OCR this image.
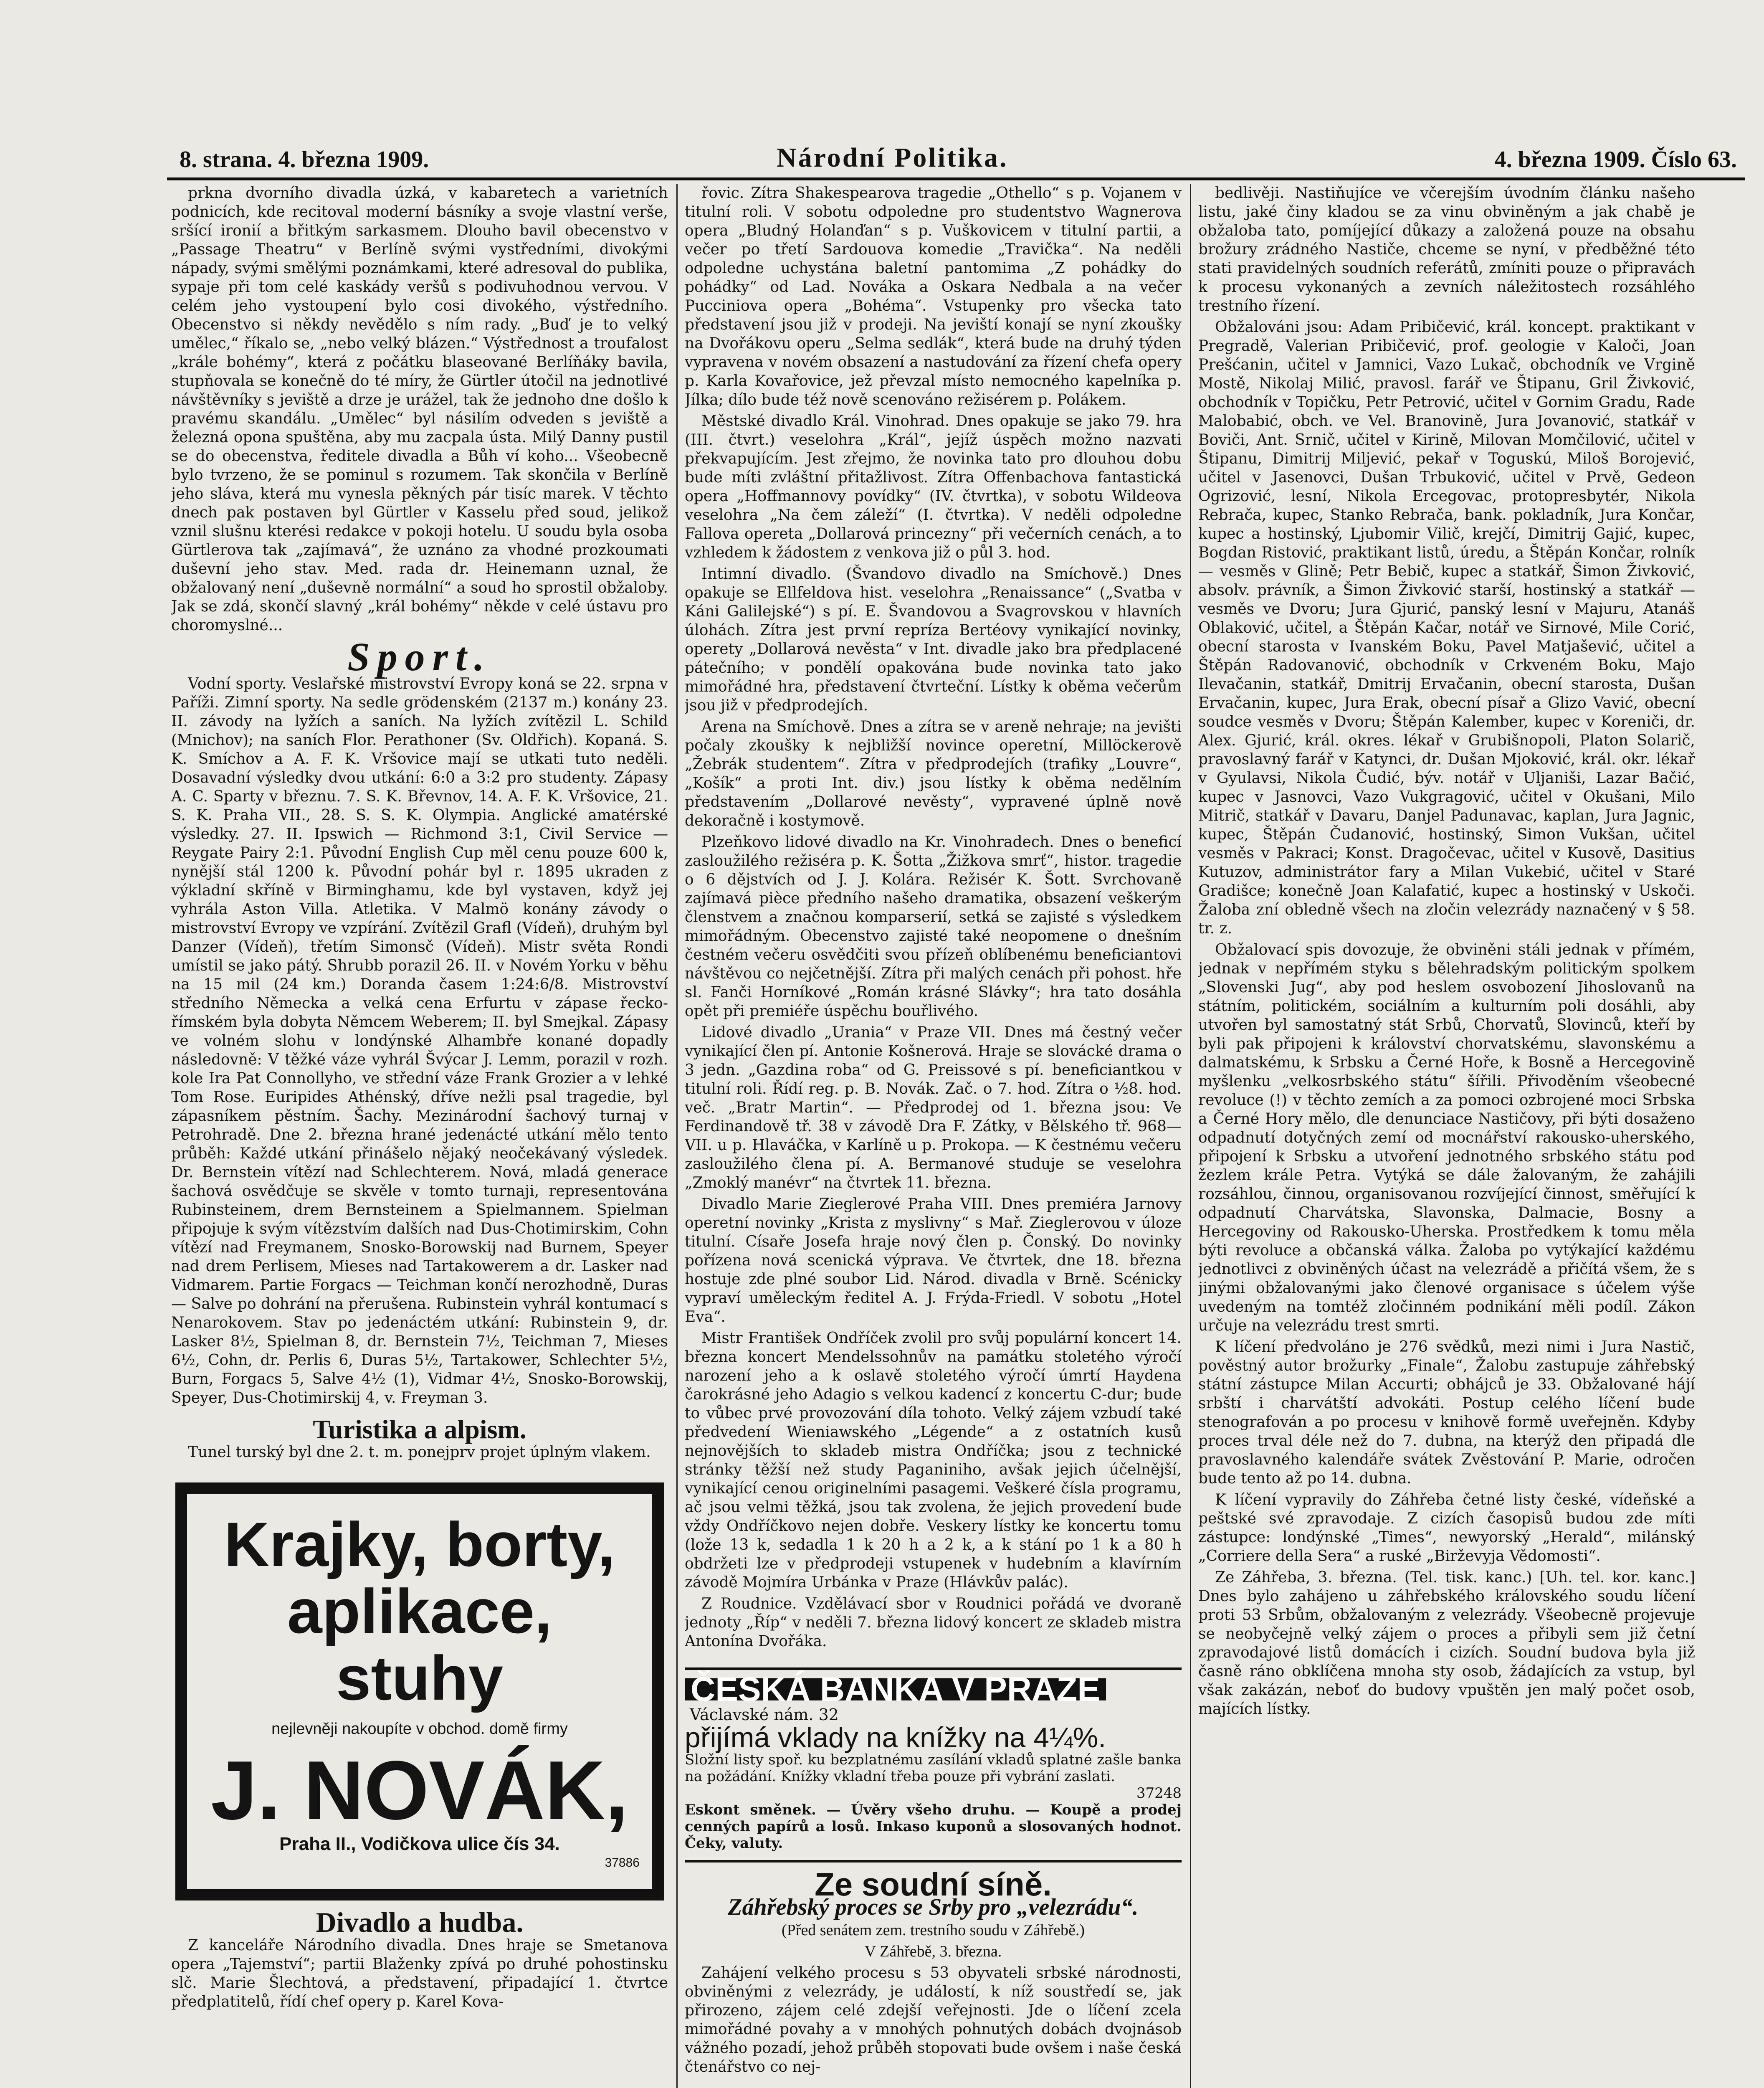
8. strana. 4. března 1909.	Národní Politika.	4. března 1909. Číslo 63.

prkna dvorního divadla úzká, v kabaretech a varietních podnicích, kde recitoval moderní básníky a svoje vlastní verše, sršící ironií a břitkým sarkasmem. Dlouho bavil obecenstvo v „Passage Theatru“ v Berlíně svými vystředními, divokými nápady, svými smělými poznámkami, které adresoval do publika, sypaje při tom celé kaskády veršů s podivuhodnou vervou. V celém jeho vystoupení bylo cosi divokého, výstředního. Obecenstvo si někdy nevědělo s ním rady. „Buď je to velký umělec,“ říkalo se, „nebo velký blázen.“ Výstřednost a troufalost „krále bohémy“, která z počátku blaseované Berlíňáky bavila, stupňovala se konečně do té míry, že Gürtler útočil na jednotlivé návštěvníky s jeviště a drze je urážel, tak že jednoho dne došlo k pravému skandálu. „Umělec“ byl násilím odveden s jeviště a železná opona spuštěna, aby mu zacpala ústa. Milý Danny pustil se do obecenstva, ředitele divadla a Bůh ví koho... Všeobecně bylo tvrzeno, že se pominul s rozumem. Tak skončila v Berlíně jeho sláva, která mu vynesla pěkných pár tisíc marek. V těchto dnech pak postaven byl Gürtler v Kasselu před soud, jelikož vznil slušnu kterési redakce v pokoji hotelu. U soudu byla osoba Gürtlerova tak „zajímavá“, že uznáno za vhodné prozkoumati duševní jeho stav. Med. rada dr. Heinemann uznal, že obžalovaný není „duševně normální“ a soud ho sprostil obžaloby. Jak se zdá, skončí slavný „král bohémy“ někde v celé ústavu pro choromyslné...

Sport.

Vodní sporty. Veslařské mistrovství Evropy koná se 22. srpna v Paříži. Zimní sporty. Na sedle grödenském (2137 m.) konány 23. II. závody na lyžích a saních. Na lyžích zvítězil L. Schild (Mnichov); na saních Flor. Perathoner (Sv. Oldřich). Kopaná. S. K. Smíchov a A. F. K. Vršovice mají se utkati tuto neděli. Dosavadní výsledky dvou utkání: 6:0 a 3:2 pro studenty. Zápasy A. C. Sparty v březnu. 7. S. K. Břevnov, 14. A. F. K. Vršovice, 21. S. K. Praha VII., 28. S. S. K. Olympia. Anglické amatérské výsledky. 27. II. Ipswich — Richmond 3:1, Civil Service — Reygate Pairy 2:1. Původní English Cup měl cenu pouze 600 k, nynější stál 1200 k. Původní pohár byl r. 1895 ukraden z výkladní skříně v Birminghamu, kde byl vystaven, když jej vyhrála Aston Villa. Atletika. V Malmö konány závody o mistrovství Evropy ve vzpírání. Zvítězil Grafl (Vídeň), druhým byl Danzer (Vídeň), třetím Simonsč (Vídeň). Mistr světa Rondi umístil se jako pátý. Shrubb porazil 26. II. v Novém Yorku v běhu na 15 mil (24 km.) Doranda časem 1:24:6/8. Mistrovství středního Německa a velká cena Erfurtu v zápase řecko-římském byla dobyta Němcem Weberem; II. byl Smejkal. Zápasy ve volném slohu v londýnské Alhambře konané dopadly následovně: V těžké váze vyhrál Švýcar J. Lemm, porazil v rozh. kole Ira Pat Connollyho, ve střední váze Frank Grozier a v lehké Tom Rose. Euripides Athénský, dříve nežli psal tragedie, byl zápasníkem pěstním. Šachy. Mezinárodní šachový turnaj v Petrohradě. Dne 2. března hrané jedenácté utkání mělo tento průběh: Každé utkání přinášelo nějaký neočekávaný výsledek. Dr. Bernstein vítězí nad Schlechterem. Nová, mladá generace šachová osvědčuje se skvěle v tomto turnaji, representována Rubinsteinem, drem Bernsteinem a Spielmannem. Spielman připojuje k svým vítězstvím dalších nad Dus-Chotimirskim, Cohn vítězí nad Freymanem, Snosko-Borowskij nad Burnem, Speyer nad drem Perlisem, Mieses nad Tartakowerem a dr. Lasker nad Vidmarem. Partie Forgacs — Teichman končí nerozhodně, Duras — Salve po dohrání na přerušena. Rubinstein vyhrál kontumací s Nenarokovem. Stav po jedenáctém utkání: Rubinstein 9, dr. Lasker 8½, Spielman 8, dr. Bernstein 7½, Teichman 7, Mieses 6½, Cohn, dr. Perlis 6, Duras 5½, Tartakower, Schlechter 5½, Burn, Forgacs 5, Salve 4½ (1), Vidmar 4½, Snosko-Borowskij, Speyer, Dus-Chotimirskij 4, v. Freyman 3.

Turistika a alpism.

Tunel turský byl dne 2. t. m. ponejprv projet úplným vlakem.

Krajky, borty, aplikace, stuhy
nejlevněji nakoupíte v obchod. domě firmy
J. NOVÁK,
Praha II., Vodičkova ulice čís 34.
37886
Divadlo a hudba.

Z kanceláře Národního divadla. Dnes hraje se Smetanova opera „Tajemství“; partii Blaženky zpívá po druhé pohostinsku slč. Marie Šlechtová, a představení, připadající 1. čtvrtce předplatitelů, řídí chef opery p. Karel Kova-

řovic. Zítra Shakespearova tragedie „Othello“ s p. Vojanem v titulní roli. V sobotu odpoledne pro studentstvo Wagnerova opera „Bludný Holanďan“ s p. Vuškovicem v titulní partii, a večer po třetí Sardouova komedie „Travička“. Na neděli odpoledne uchystána baletní pantomima „Z pohádky do pohádky“ od Lad. Nováka a Oskara Nedbala a na večer Pucciniova opera „Bohéma“. Vstupenky pro všecka tato představení jsou již v prodeji. Na jeviští konají se nyní zkoušky na Dvořákovu operu „Selma sedlák“, která bude na druhý týden vypravena v novém obsazení a nastudování za řízení chefa opery p. Karla Kovařovice, jež převzal místo nemocného kapelníka p. Jílka; dílo bude též nově scenováno režisérem p. Polákem.

Městské divadlo Král. Vinohrad. Dnes opakuje se jako 79. hra (III. čtvrt.) veselohra „Král“, jejíž úspěch možno nazvati překvapujícím. Jest zřejmo, že novinka tato pro dlouhou dobu bude míti zvláštní přitažlivost. Zítra Offenbachova fantastická opera „Hoffmannovy povídky“ (IV. čtvrtka), v sobotu Wildeova veselohra „Na čem záleží“ (I. čtvrtka). V neděli odpoledne Fallova opereta „Dollarová princezny“ při večerních cenách, a to vzhledem k žádostem z venkova již o půl 3. hod.

Intimní divadlo. (Švandovo divadlo na Smíchově.) Dnes opakuje se Ellfeldova hist. veselohra „Renaissance“ („Svatba v Káni Galilejské“) s pí. E. Švandovou a Svagrovskou v hlavních úlohách. Zítra jest první repríza Bertéovy vynikající novinky, operety „Dollarová nevěsta“ v Int. divadle jako bra předplacené pátečního; v pondělí opakována bude novinka tato jako mimořádné hra, představení čtvrteční. Lístky k oběma večerům jsou již v předprodejích.

Arena na Smíchově. Dnes a zítra se v areně nehraje; na jevišti počaly zkoušky k nejbližší novince operetní, Millöckerově „Žebrák studentem“. Zítra v předprodejích (trafiky „Louvre“, „Košík“ a proti Int. div.) jsou lístky k oběma nedělním představením „Dollarové nevěsty“, vypravené úplně nově dekoračně i kostymově.

Plzeňkovo lidové divadlo na Kr. Vinohradech. Dnes o beneficí zasloužilého režiséra p. K. Šotta „Žižkova smrť“, histor. tragedie o 6 dějstvích od J. J. Kolára. Režisér K. Šott. Svrchovaně zajímavá pièce předního našeho dramatika, obsazení veškerým členstvem a značnou komparserií, setká se zajisté s výsledkem mimořádným. Obecenstvo zajisté také neopomene o dnešním čestném večeru osvědčiti svou přízeň oblíbenému beneficiantovi návštěvou co nejčetnější. Zítra při malých cenách při pohost. hře sl. Fanči Horníkové „Román krásné Slávky“; hra tato dosáhla opět při premiéře úspěchu bouřlivého.

Lidové divadlo „Urania“ v Praze VII. Dnes má čestný večer vynikající člen pí. Antonie Košnerová. Hraje se slovácké drama o 3 jedn. „Gazdina roba“ od G. Preissové s pí. beneficiantkou v titulní roli. Řídí reg. p. B. Novák. Zač. o 7. hod. Zítra o ½8. hod. več. „Bratr Martin“. — Předprodej od 1. března jsou: Ve Ferdinandově tř. 38 v závodě Dra F. Zátky, v Bělského tř. 968—VII. u p. Hlaváčka, v Karlíně u p. Prokopa. — K čestnému večeru zasloužilého člena pí. A. Bermanové studuje se veselohra „Zmoklý manévr“ na čtvrtek 11. března.

Divadlo Marie Zieglerové Praha VIII. Dnes premiéra Jarnovy operetní novinky „Krista z myslivny“ s Mař. Zieglerovou v úloze titulní. Císaře Josefa hraje nový člen p. Čonský. Do novinky pořízena nová scenická výprava. Ve čtvrtek, dne 18. března hostuje zde plné soubor Lid. Národ. divadla v Brně. Scénicky vypraví uměleckým ředitel A. J. Frýda-Friedl. V sobotu „Hotel Eva“.

Mistr František Ondříček zvolil pro svůj populární koncert 14. března koncert Mendelssohnův na památku stoletého výročí narození jeho a k oslavě stoletého výročí úmrtí Haydena čarokrásné jeho Adagio s velkou kadencí z koncertu C-dur; bude to vůbec prvé provozování díla tohoto. Velký zájem vzbudí také předvedení Wieniawského „Légende“ a z ostatních kusů nejnovějších to skladeb mistra Ondříčka; jsou z technické stránky těžší než study Paganiniho, avšak jejich účelnější, vynikající cenou originelními pasagemi. Veškeré čísla programu, ač jsou velmi těžká, jsou tak zvolena, že jejich provedení bude vždy Ondříčkovo nejen dobře. Veskery lístky ke koncertu tomu (lože 13 k, sedadla 1 k 20 h a 2 k, a k stání po 1 k a 80 h obdržeti lze v předprodeji vstupenek v hudebním a klavírním závodě Mojmíra Urbánka v Praze (Hlávkův palác).

Z Roudnice. Vzdělávací sbor v Roudnici pořádá ve dvoraně jednoty „Říp“ v neděli 7. března lidový koncert ze skladeb mistra Antonína Dvořáka.

ČESKÁ BANKA V PRAZE Václavské nám. 32
přijímá vklady na knížky na 4¼%.
Složní listy spoř. ku bezplatnému zasílání vkladů splatné zašle banka na požádání. Knížky vkladní třeba pouze při vybrání zaslati.
37248
Eskont směnek. — Úvěry všeho druhu. — Koupě a prodej cenných papírů a losů. Inkaso kuponů a slosovaných hodnot. Čeky, valuty.
Ze soudní síně.
Záhřebský proces se Srby pro „velezrádu“.
(Před senátem zem. trestního soudu v Záhřebě.)
V Záhřebě, 3. března.

Zahájení velkého procesu s 53 obyvateli srbské národnosti, obviněnými z velezrády, je událostí, k níž soustředí se, jak přirozeno, zájem celé zdejší veřejnosti. Jde o líčení zcela mimořádné povahy a v mnohých pohnutých dobách dvojnásob vážného pozadí, jehož průběh stopovati bude ovšem i naše česká čtenářstvo co nej-

bedlivěji. Nastiňujíce ve včerejším úvodním článku našeho listu, jaké činy kladou se za vinu obviněným a jak chabě je obžaloba tato, pomíjející důkazy a založená pouze na obsahu brožury zrádného Nastiče, chceme se nyní, v předběžné této stati pravidelných soudních referátů, zmíniti pouze o připravách k procesu vykonaných a zevních náležitostech rozsáhlého trestního řízení.

Obžalováni jsou: Adam Pribičević, král. koncept. praktikant v Pregradě, Valerian Pribičević, prof. geologie v Kaloči, Joan Prešćanin, učitel v Jamnici, Vazo Lukač, obchodník ve Vrgině Mostě, Nikolaj Milić, pravosl. farář ve Štipanu, Gril Živković, obchodník v Topičku, Petr Petrović, učitel v Gornim Gradu, Rade Malobabić, obch. ve Vel. Branovině, Jura Jovanović, statkář v Boviči, Ant. Srnič, učitel v Kirině, Milovan Momčilović, učitel v Štipanu, Dimitrij Miljević, pekař v Toguskú, Miloš Borojević, učitel v Jasenovci, Dušan Trbuković, učitel v Prvě, Gedeon Ogrizović, lesní, Nikola Ercegovac, protopresbytér, Nikola Rebrača, kupec, Stanko Rebrača, bank. pokladník, Jura Končar, kupec a hostinský, Ljubomir Vilič, krejčí, Dimitrij Gajić, kupec, Bogdan Ristović, praktikant listů, úredu, a Štěpán Končar, rolník — vesměs v Glině; Petr Bebič, kupec a statkář, Šimon Živković, absolv. právník, a Šimon Živković starší, hostinský a statkář — vesměs ve Dvoru; Jura Gjurić, panský lesní v Majuru, Atanáš Oblaković, učitel, a Štěpán Kačar, notář ve Sirnové, Mile Corić, obecní starosta v Ivanském Boku, Pavel Matjašević, učitel a Štěpán Radovanović, obchodník v Crkveném Boku, Majo Ilevačanin, statkář, Dmitrij Ervačanin, obecní starosta, Dušan Ervačanin, kupec, Jura Erak, obecní písař a Glizo Vavić, obecní soudce vesměs v Dvoru; Štěpán Kalember, kupec v Koreniči, dr. Alex. Gjurić, král. okres. lékař v Grubišnopoli, Platon Solarič, pravoslavný farář v Katynci, dr. Dušan Mjoković, král. okr. lékař v Gyulavsi, Nikola Čudić, býv. notář v Uljaniši, Lazar Bačić, kupec v Jasnovci, Vazo Vukgragović, učitel v Okušani, Milo Mitrič, statkář v Davaru, Danjel Padunavac, kaplan, Jura Jagnic, kupec, Štěpán Čudanović, hostinský, Simon Vukšan, učitel vesměs v Pakraci; Konst. Dragočevac, učitel v Kusově, Dasitius Kutuzov, administrátor fary a Milan Vukebić, učitel v Staré Gradišce; konečně Joan Kalafatić, kupec a hostinský v Uskoči. Žaloba zní obledně všech na zločin velezrády naznačený v § 58. tr. z.

Obžalovací spis dovozuje, že obviněni stáli jednak v přímém, jednak v nepřímém styku s bělehradským politickým spolkem „Slovenski Jug“, aby pod heslem osvobození Jihoslovanů na státním, politickém, sociálním a kulturním poli dosáhli, aby utvořen byl samostatný stát Srbů, Chorvatů, Slovinců, kteří by byli pak připojeni k království chorvatskému, slavonskému a dalmatskému, k Srbsku a Černé Hoře, k Bosně a Hercegovině myšlenku „velkosrbského státu“ šířili. Přivoděním všeobecné revoluce (!) v těchto zemích a za pomoci ozbrojené moci Srbska a Černé Hory mělo, dle denunciace Nastičovy, při býti dosaženo odpadnutí dotyčných zemí od mocnářství rakousko-uherského, připojení k Srbsku a utvoření jednotného srbského státu pod žezlem krále Petra. Vytýká se dále žalovaným, že zahájili rozsáhlou, činnou, organisovanou rozvíjející činnost, směřující k odpadnutí Charvátska, Slavonska, Dalmacie, Bosny a Hercegoviny od Rakousko-Uherska. Prostředkem k tomu měla býti revoluce a občanská válka. Žaloba po vytýkající každému jednotlivci z obviněných účast na velezrádě a přičítá všem, že s jinými obžalovanými jako členové organisace s účelem výše uvedeným na tomtéž zločinném podnikání měli podíl. Zákon určuje na velezrádu trest smrti.

K líčení předvoláno je 276 svědků, mezi nimi i Jura Nastič, pověstný autor brožurky „Finale“, Žalobu zastupuje záhřebský státní zástupce Milan Accurti; obhájců je 33. Obžalované hájí srbští i charvátští advokáti. Postup celého líčení bude stenografován a po procesu v knihově formě uveřejněn. Kdyby proces trval déle než do 7. dubna, na kterýž den připadá dle pravoslavného kalendáře svátek Zvěstování P. Marie, odročen bude tento až po 14. dubna.

K líčení vypravily do Záhřeba četné listy české, vídeňské a peštské své zpravodaje. Z cizích časopisů budou zde míti zástupce: londýnské „Times“, newyorský „Herald“, milánský „Corriere della Sera“ a ruské „Birževyja Vědomosti“.

Ze Záhřeba, 3. března. (Tel. tisk. kanc.) [Uh. tel. kor. kanc.] Dnes bylo zahájeno u záhřebského královského soudu líčení proti 53 Srbům, obžalovaným z velezrády. Všeobecně projevuje se neobyčejně velký zájem o proces a přibyli sem již četní zpravodajové listů domácích i cizích. Soudní budova byla již časně ráno obklíčena mnoha sty osob, žádajících za vstup, byl však zakázán, neboť do budovy vpuštěn jen malý počet osob, majících lístky.
